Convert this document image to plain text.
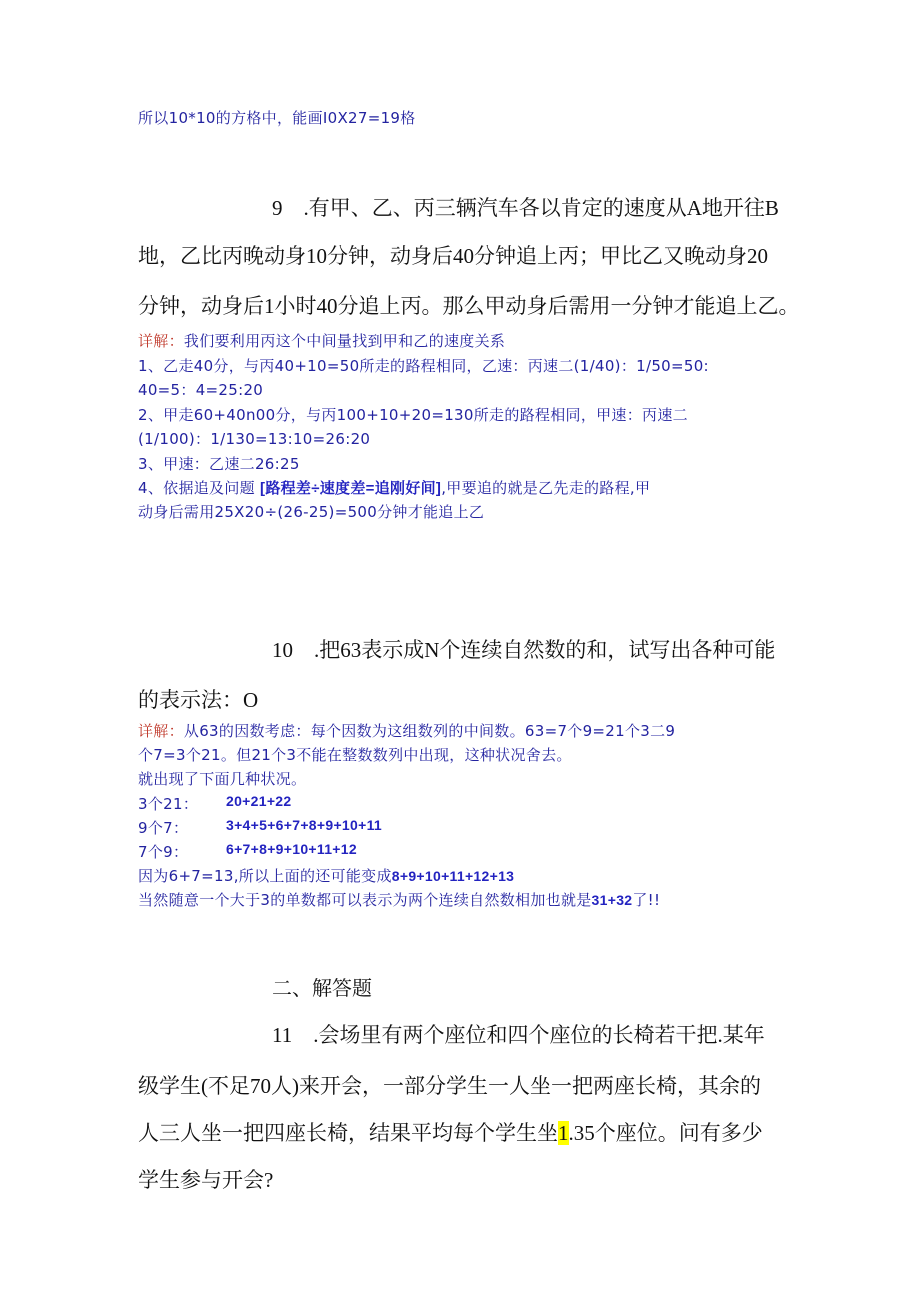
所以10*10的方格中，能画I0X27=19格
9　.有甲、乙、丙三辆汽车各以肯定的速度从A地开往B
地，乙比丙晚动身10分钟，动身后40分钟追上丙；甲比乙又晚动身20
分钟，动身后1小时40分追上丙。那么甲动身后需用一分钟才能追上乙。
详解：我们要利用丙这个中间量找到甲和乙的速度关系
1、乙走40分，与丙40+10=50所走的路程相同，乙速：丙速二(1/40)：1/50=50:
40=5：4=25:20
2、甲走60+40n00分，与丙100+10+20=130所走的路程相同，甲速：丙速二
(1/100)：1/130=13:10=26:20
3、甲速：乙速二26:25
4、依据追及问题 [路程差÷速度差=追刚好间],甲要追的就是乙先走的路程,甲
动身后需用25X20÷(26-25)=500分钟才能追上乙
10　.把63表示成N个连续自然数的和，试写出各种可能
的表示法：O
详解：从63的因数考虑：每个因数为这组数列的中间数。63=7个9=21个3二9
个7=3个21。但21个3不能在整数数列中出现，这种状况舍去。
就出现了下面几种状况。
3个21： 20+21+22
9个7：	3+4+5+6+7+8+9+10+11
7个9：	6+7+8+9+10+11+12
因为6+7=13,所以上面的还可能变成8+9+10+11+12+13
当然随意一个大于3的单数都可以表示为两个连续自然数相加也就是31+32了!!
二、解答题
11　.会场里有两个座位和四个座位的长椅若干把.某年
级学生(不足70人)来开会，一部分学生一人坐一把两座长椅，其余的
人三人坐一把四座长椅，结果平均每个学生坐1.35个座位。问有多少
学生参与开会?
